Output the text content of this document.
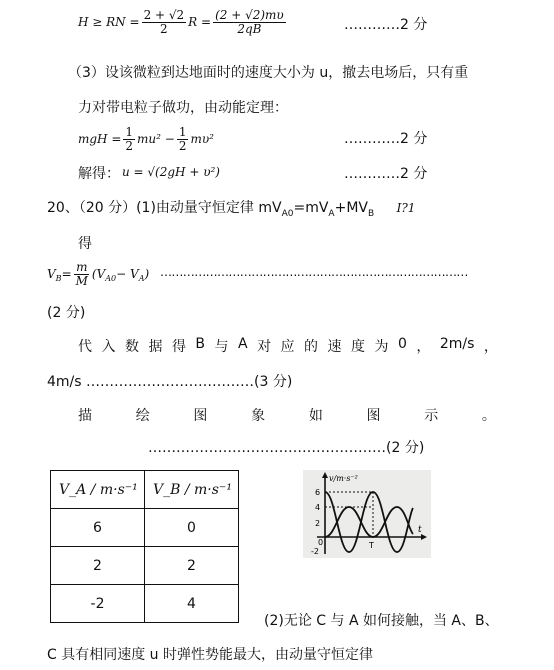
H ≥ RN = $\frac{2 + √2}{2}$ $R = \frac{(2 + √2)m\upsilon}{2qB}$	…………2 分
（3）设该微粒到达地面时的速度大小为 u，撤去电场后，只有重
力对带电粒子做功，由动能定理：
mgH = $\frac{1}{2} mu^2 - \frac{1}{2} m\upsilon^2$	…………2 分
解得： u = √(2gH + υ²)	…………2 分
20、（20 分）(1)由动量守恒定律 $mV_{A0}=mV_A+MV_B$ I?1
得
$V_B = \frac{m}{M} (V_{A0} - V_A$ ) ………………………………………………………………………
(2 分)
代 入 数 据 得 B 与 A 对 应 的 速 度 为 0 ， 2m/s ，
4m/s ………………………………(3 分)
描	绘	图	象	如	图	示	。
……………………………………………(2 分)
V_A / m·s⁻¹	V_B / m·s⁻¹
6	0
2	2
-2	4
v/m·s⁻²
t
6
4
2
-2
0	T
(2)无论 C 与 A 如何接触，当 A、B、
C 具有相同速度 u 时弹性势能最大，由动量守恒定律
